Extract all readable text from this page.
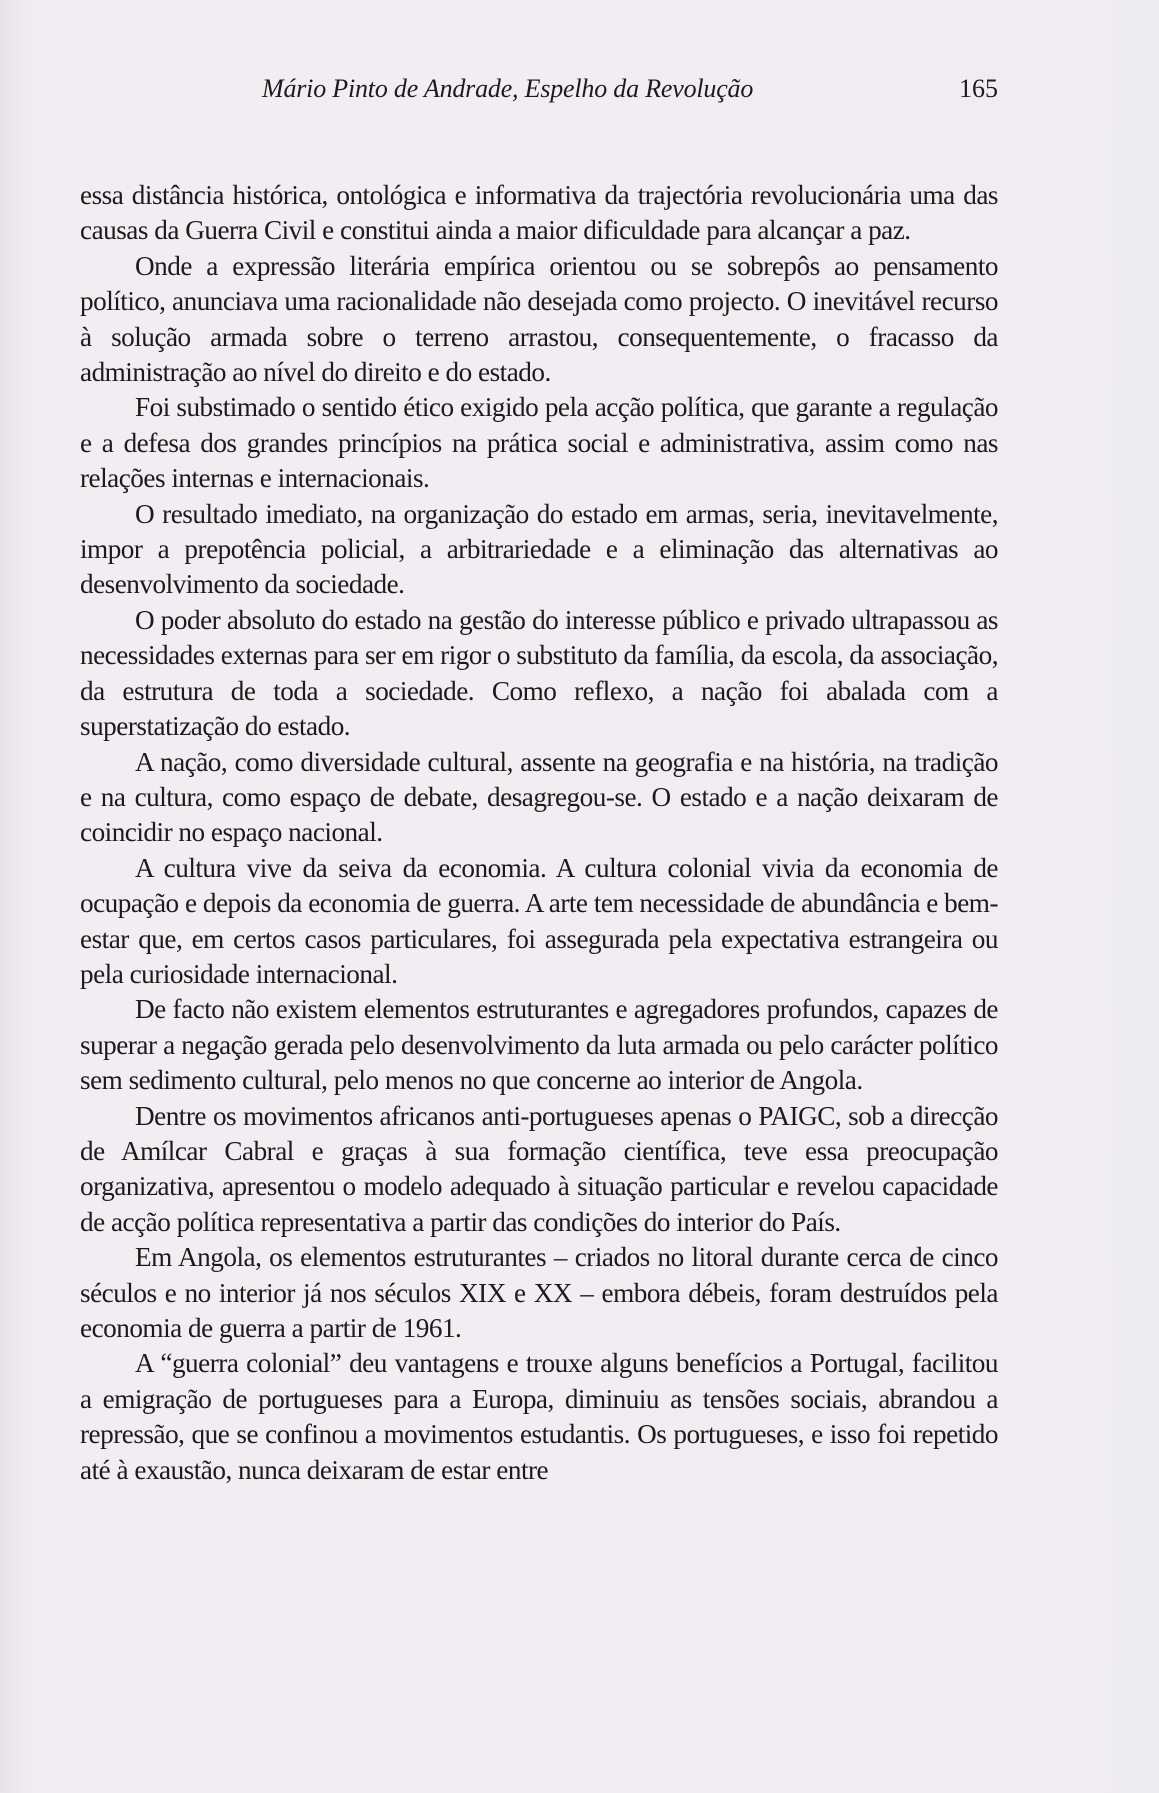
Mário Pinto de Andrade, Espelho da Revolução	165

essa distância histórica, ontológica e informativa da trajectória revolucionária uma das causas da Guerra Civil e constitui ainda a maior dificuldade para alcançar a paz.

Onde a expressão literária empírica orientou ou se sobrepôs ao pensamento político, anunciava uma racionalidade não desejada como projecto. O inevitável recurso à solução armada sobre o terreno arrastou, consequentemente, o fracasso da administração ao nível do direito e do estado.

Foi substimado o sentido ético exigido pela acção política, que garante a regulação e a defesa dos grandes princípios na prática social e administrativa, assim como nas relações internas e internacionais.

O resultado imediato, na organização do estado em armas, seria, inevitavelmente, impor a prepotência policial, a arbitrariedade e a eliminação das alternativas ao desenvolvimento da sociedade.

O poder absoluto do estado na gestão do interesse público e privado ultrapassou as necessidades externas para ser em rigor o substituto da família, da escola, da associação, da estrutura de toda a sociedade. Como reflexo, a nação foi abalada com a superstatização do estado.

A nação, como diversidade cultural, assente na geografia e na história, na tradição e na cultura, como espaço de debate, desagregou-se. O estado e a nação deixaram de coincidir no espaço nacional.

A cultura vive da seiva da economia. A cultura colonial vivia da economia de ocupação e depois da economia de guerra. A arte tem necessidade de abundância e bem-estar que, em certos casos particulares, foi assegurada pela expectativa estrangeira ou pela curiosidade internacional.

De facto não existem elementos estruturantes e agregadores profundos, capazes de superar a negação gerada pelo desenvolvimento da luta armada ou pelo carácter político sem sedimento cultural, pelo menos no que concerne ao interior de Angola.

Dentre os movimentos africanos anti-portugueses apenas o PAIGC, sob a direcção de Amílcar Cabral e graças à sua formação científica, teve essa preocupação organizativa, apresentou o modelo adequado à situação particular e revelou capacidade de acção política representativa a partir das condições do interior do País.

Em Angola, os elementos estruturantes – criados no litoral durante cerca de cinco séculos e no interior já nos séculos XIX e XX – embora débeis, foram destruídos pela economia de guerra a partir de 1961.

A “guerra colonial” deu vantagens e trouxe alguns benefícios a Portugal, facilitou a emigração de portugueses para a Europa, diminuiu as tensões sociais, abrandou a repressão, que se confinou a movimentos estudantis. Os portugueses, e isso foi repetido até à exaustão, nunca deixaram de estar entre
